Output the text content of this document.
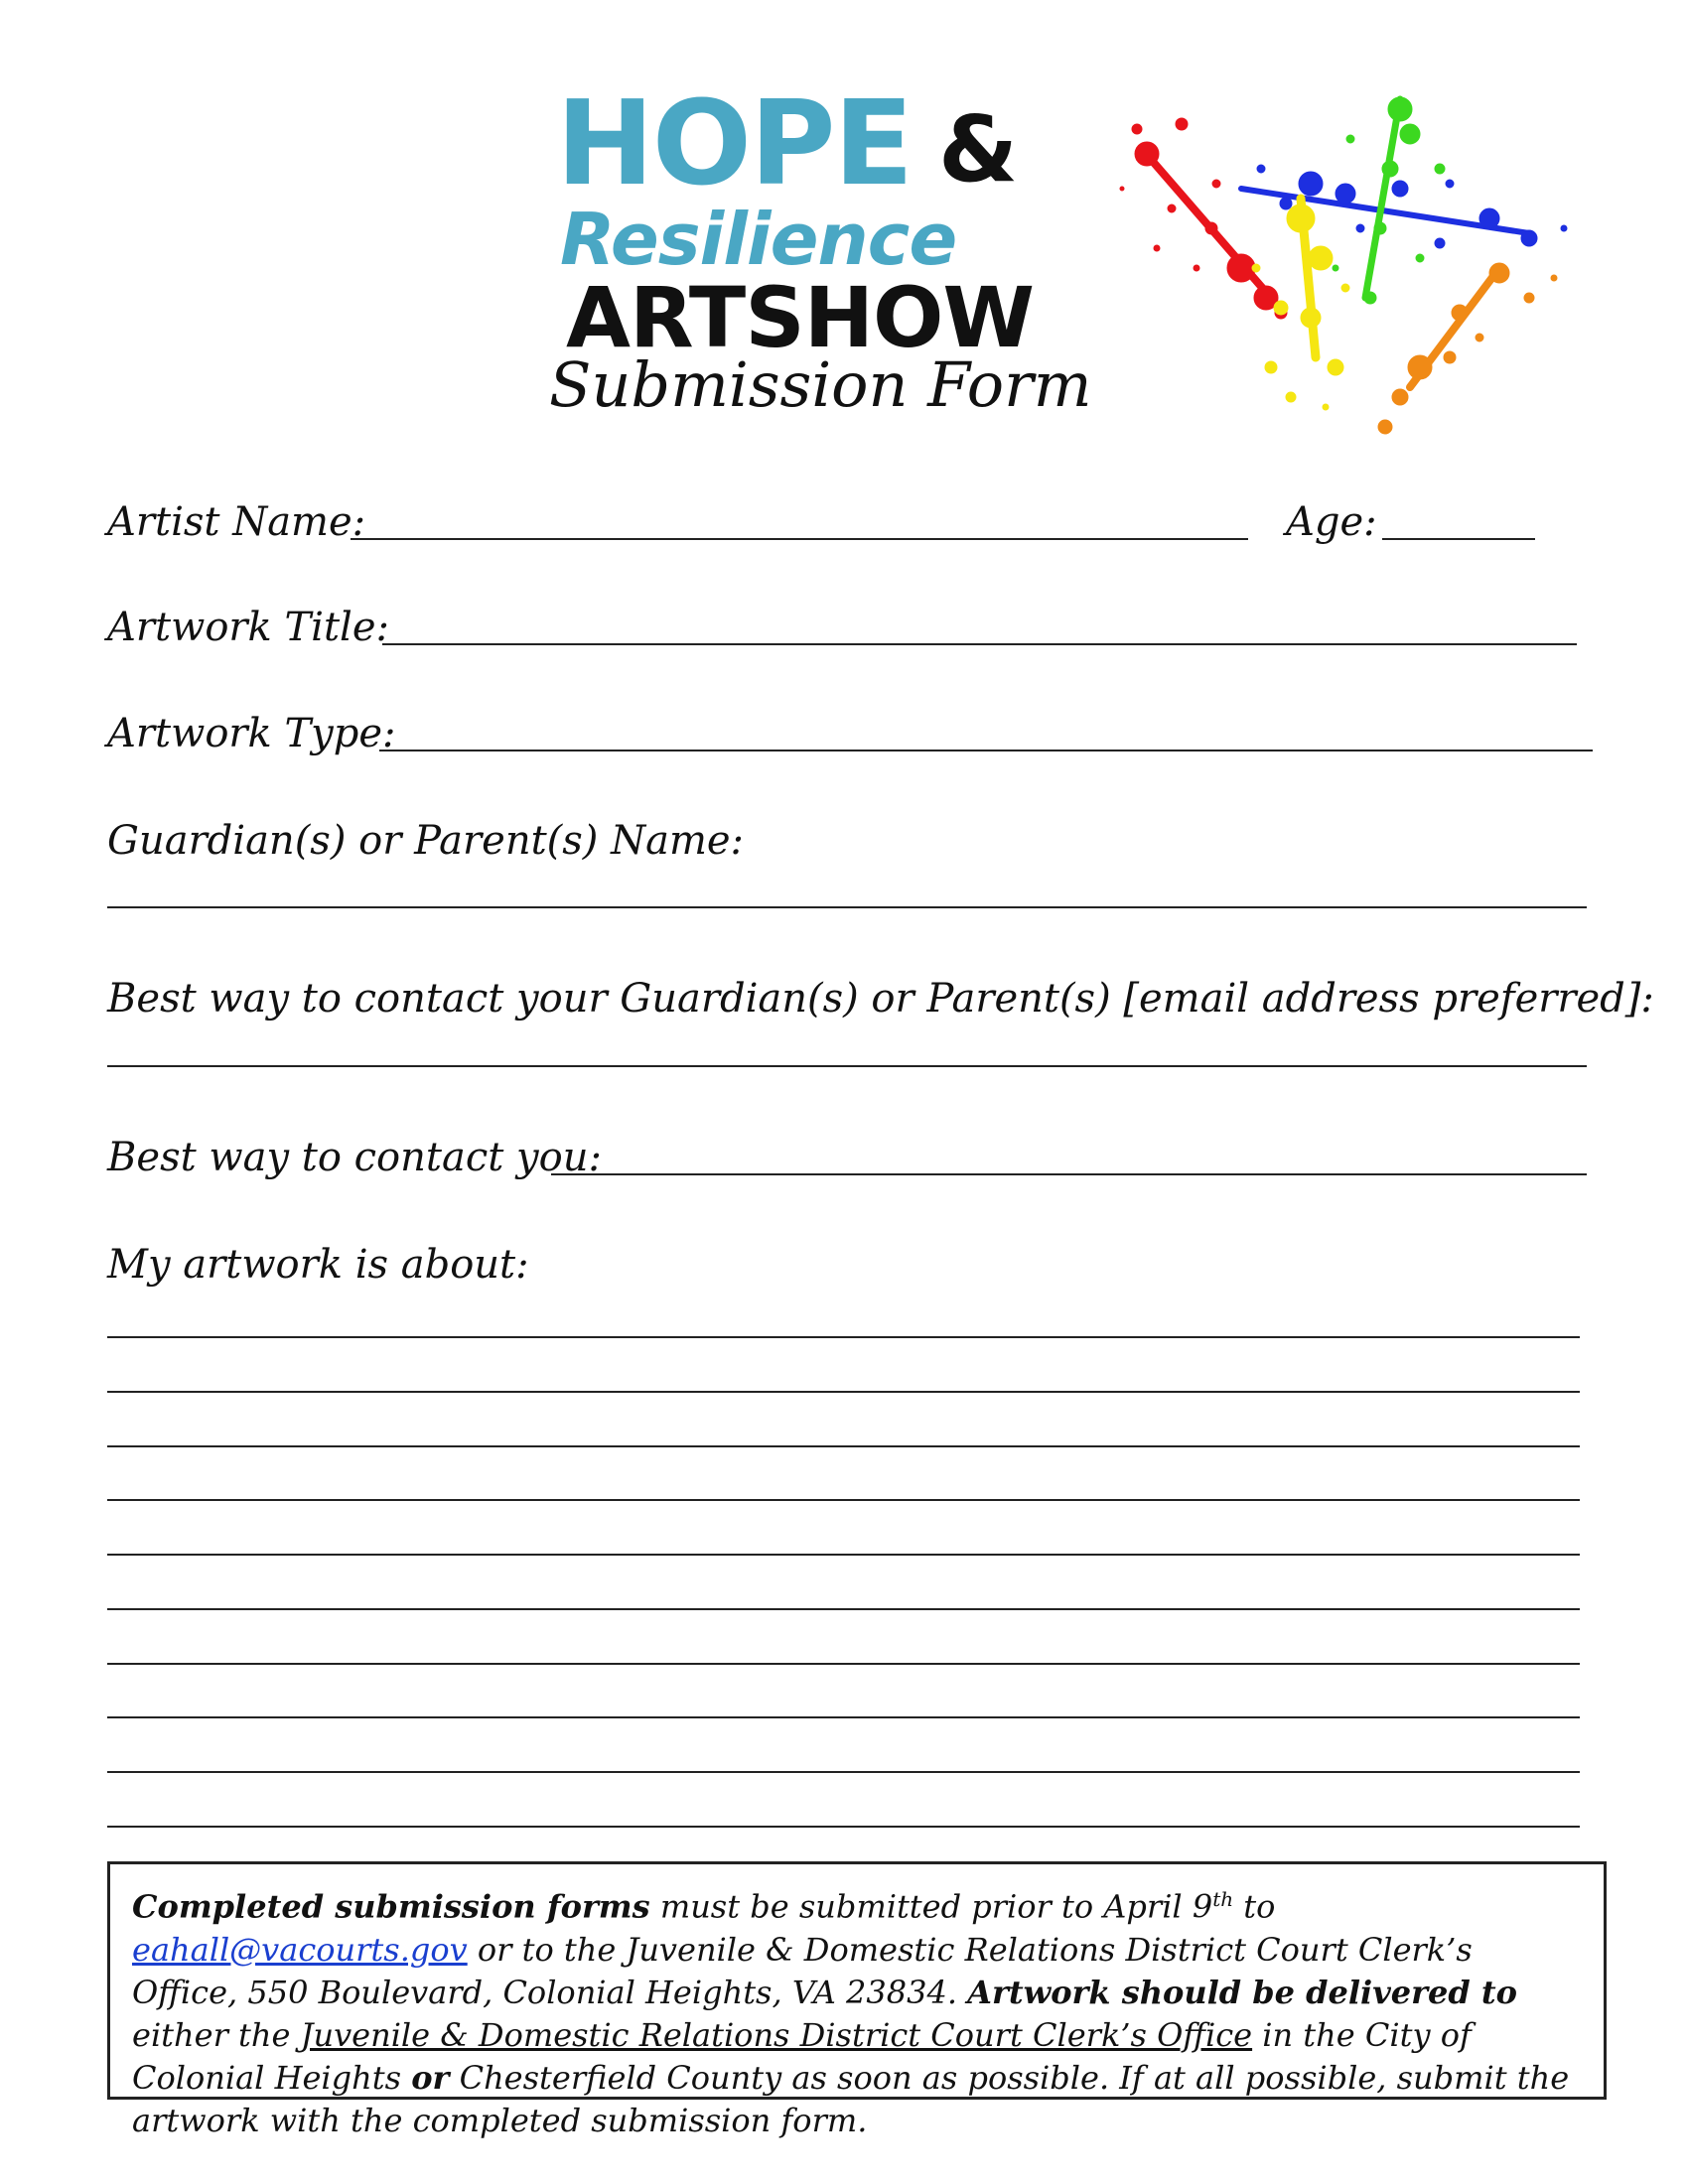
HOPE &
Resilience
ARTSHOW
Submission Form
Artist Name:	Age:
Artwork Title:
Artwork Type:
Guardian(s) or Parent(s) Name:
Best way to contact your Guardian(s) or Parent(s) [email address preferred]:
Best way to contact you:
My artwork is about:

Completed submission forms must be submitted prior to April 9th to eahall@vacourts.gov or to the Juvenile & Domestic Relations District Court Clerk’s Office, 550 Boulevard, Colonial Heights, VA 23834. Artwork should be delivered to either the Juvenile & Domestic Relations District Court Clerk’s Office in the City of Colonial Heights or Chesterfield County as soon as possible. If at all possible, submit the artwork with the completed submission form.
